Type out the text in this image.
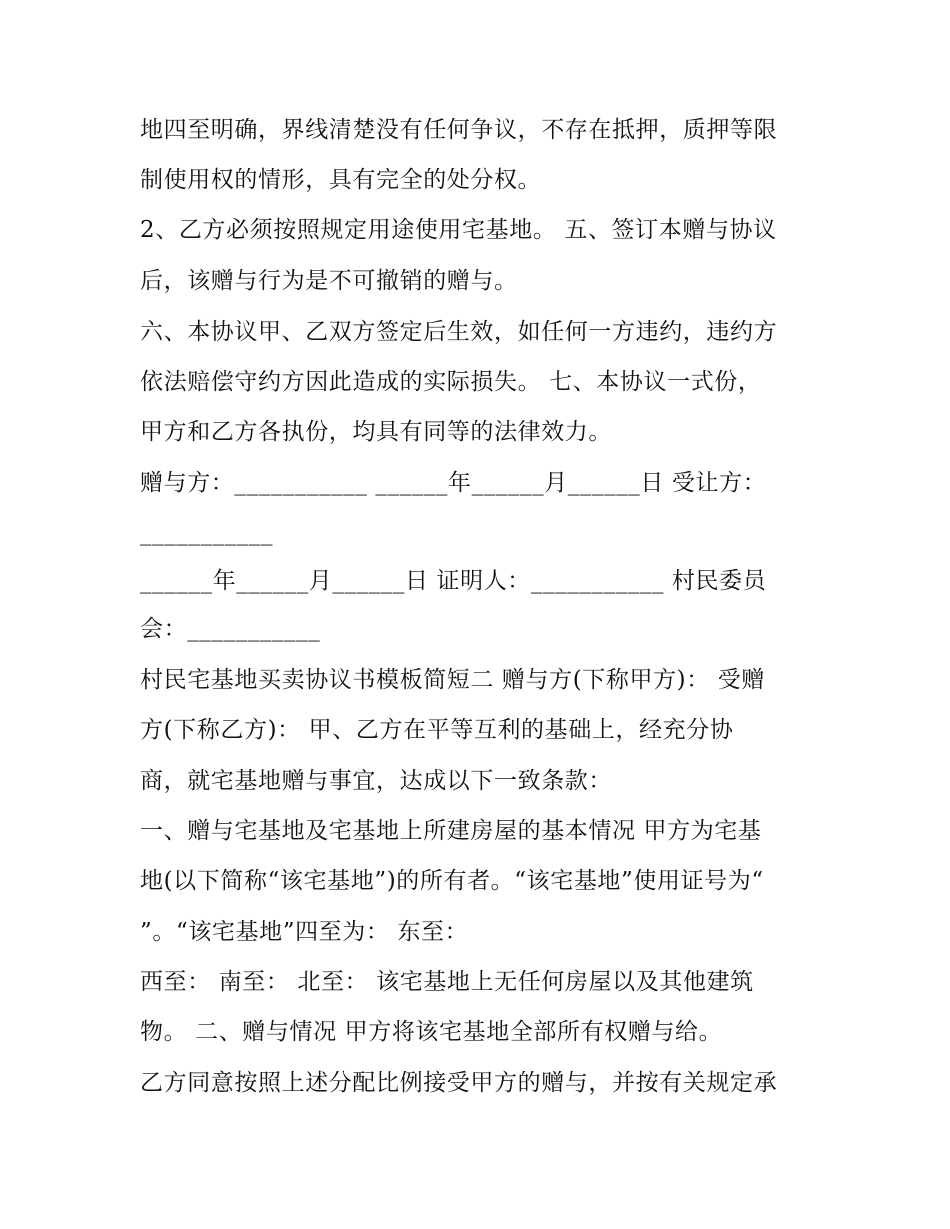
地四至明确，界线清楚没有任何争议，不存在抵押，质押等限
制使用权的情形，具有完全的处分权。
2、乙方必须按照规定用途使用宅基地。 五、签订本赠与协议
后，该赠与行为是不可撤销的赠与。
六、本协议甲、乙双方签定后生效，如任何一方违约，违约方
依法赔偿守约方因此造成的实际损失。 七、本协议一式份，
甲方和乙方各执份，均具有同等的法律效力。
赠与方：___________ ______年______月______日 受让方：
___________
______年______月______日 证明人：___________ 村民委员
会：___________
村民宅基地买卖协议书模板简短二 赠与方(下称甲方)： 受赠
方(下称乙方)： 甲、乙方在平等互利的基础上，经充分协
商，就宅基地赠与事宜，达成以下一致条款：
一、赠与宅基地及宅基地上所建房屋的基本情况 甲方为宅基
地(以下简称“该宅基地”)的所有者。“该宅基地”使用证号为“
”。“该宅基地”四至为： 东至：
西至： 南至： 北至： 该宅基地上无任何房屋以及其他建筑
物。 二、赠与情况 甲方将该宅基地全部所有权赠与给。
乙方同意按照上述分配比例接受甲方的赠与，并按有关规定承
